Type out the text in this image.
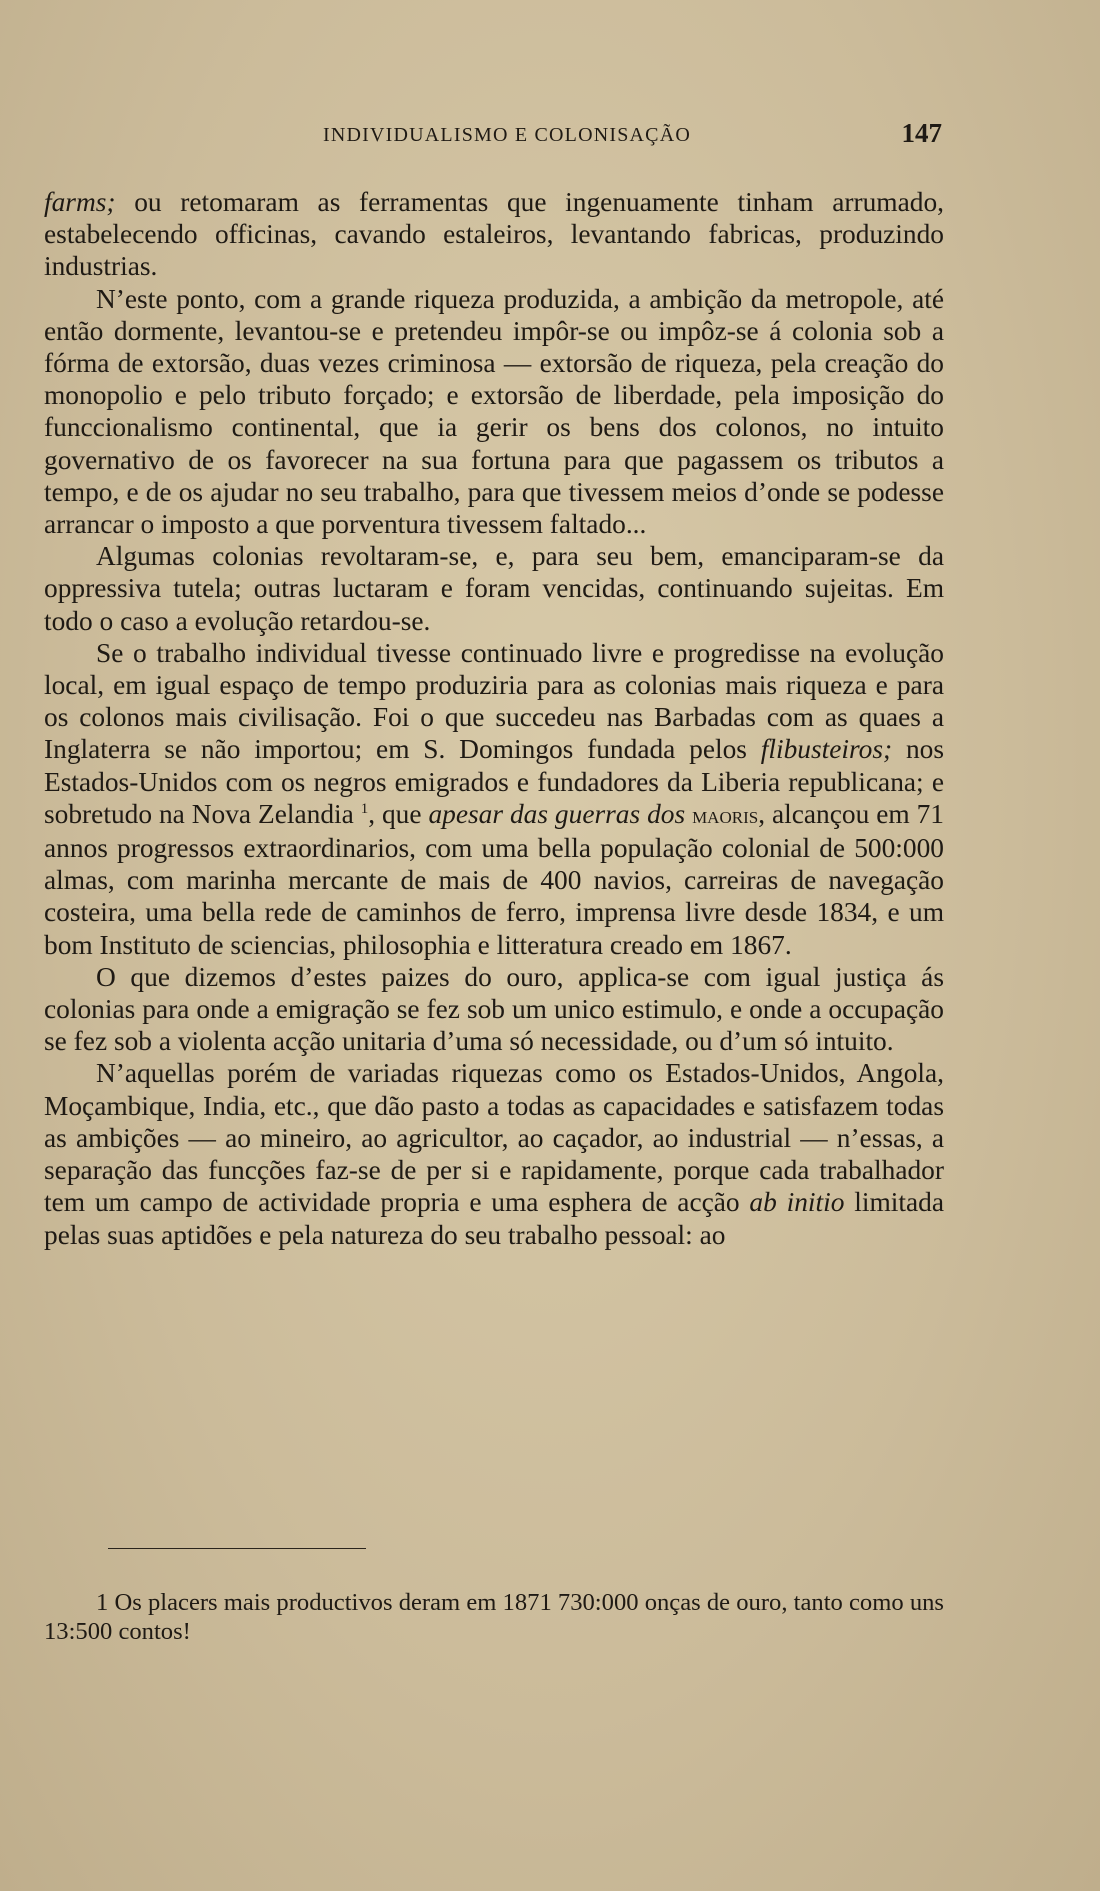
INDIVIDUALISMO E COLONISAÇÃO	147

farms; ou retomaram as ferramentas que ingenuamente tinham arrumado, estabelecendo officinas, cavando estaleiros, levantando fabricas, produzindo industrias.

N’este ponto, com a grande riqueza produzida, a ambição da metropole, até então dormente, levantou-se e pretendeu impôr-se ou impôz-se á colonia sob a fórma de extorsão, duas vezes criminosa — extorsão de riqueza, pela creação do monopolio e pelo tributo forçado; e extorsão de liberdade, pela imposição do funccionalismo continental, que ia gerir os bens dos colonos, no intuito governativo de os favorecer na sua fortuna para que pagassem os tributos a tempo, e de os ajudar no seu trabalho, para que tivessem meios d’onde se podesse arrancar o imposto a que porventura tivessem faltado...

Algumas colonias revoltaram-se, e, para seu bem, emanciparam-se da oppressiva tutela; outras luctaram e foram vencidas, continuando sujeitas. Em todo o caso a evolução retardou-se.

Se o trabalho individual tivesse continuado livre e progredisse na evolução local, em igual espaço de tempo produziria para as colonias mais riqueza e para os colonos mais civilisação. Foi o que succedeu nas Barbadas com as quaes a Inglaterra se não importou; em S. Domingos fundada pelos flibusteiros; nos Estados-Unidos com os negros emigrados e fundadores da Liberia republicana; e sobretudo na Nova Zelandia $^1$, que apesar das guerras dos maoris, alcançou em 71 annos progressos extraordinarios, com uma bella população colonial de 500:000 almas, com marinha mercante de mais de 400 navios, carreiras de navegação costeira, uma bella rede de caminhos de ferro, imprensa livre desde 1834, e um bom Instituto de sciencias, philosophia e litteratura creado em 1867.

O que dizemos d’estes paizes do ouro, applica-se com igual justiça ás colonias para onde a emigração se fez sob um unico estimulo, e onde a occupação se fez sob a violenta acção unitaria d’uma só necessidade, ou d’um só intuito.

N’aquellas porém de variadas riquezas como os Estados-Unidos, Angola, Moçambique, India, etc., que dão pasto a todas as capacidades e satisfazem todas as ambições — ao mineiro, ao agricultor, ao caçador, ao industrial — n’essas, a separação das funcções faz-se de per si e rapidamente, porque cada trabalhador tem um campo de actividade propria e uma esphera de acção ab initio limitada pelas suas aptidões e pela natureza do seu trabalho pessoal: ao

1 Os placers mais productivos deram em 1871 730:000 onças de ouro, tanto como uns 13:500 contos!
